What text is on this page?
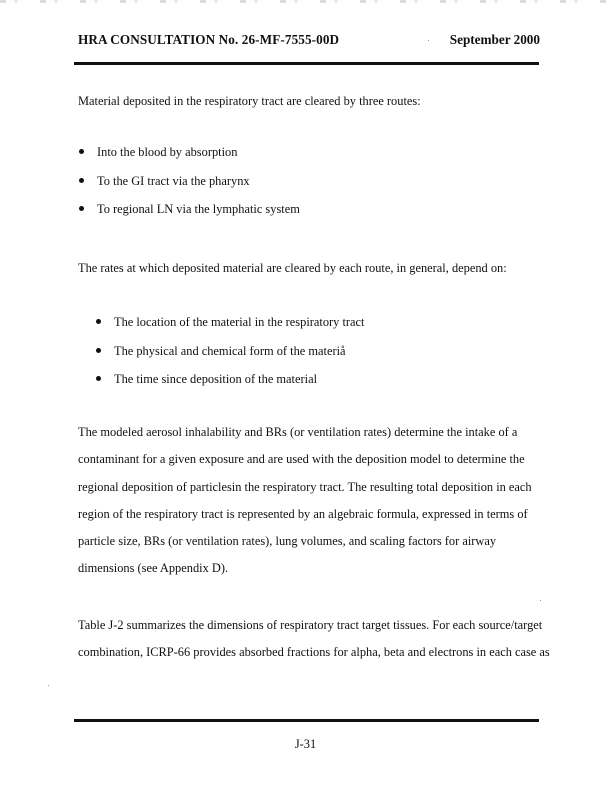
HRA CONSULTATION No. 26-MF-7555-00D	September 2000
Material deposited in the respiratory tract are cleared by three routes:
Into the blood by absorption
To the GI tract via the pharynx
To regional LN via the lymphatic system
The rates at which deposited material are cleared by each route, in general, depend on:
The location of the material in the respiratory tract
The physical and chemical form of the materiå
The time since deposition of the material
The modeled aerosol inhalability and BRs (or ventilation rates) determine the intake of a
contaminant for a given exposure and are used with the deposition model to determine the
regional deposition of particlesin the respiratory tract. The resulting total deposition in each
region of the respiratory tract is represented by an algebraic formula, expressed in terms of
particle size, BRs (or ventilation rates), lung volumes, and scaling factors for airway
dimensions (see Appendix D).
Table J-2 summarizes the dimensions of respiratory tract target tissues. For each source/target
combination, ICRP-66 provides absorbed fractions for alpha, beta and electrons in each case as
J-31
